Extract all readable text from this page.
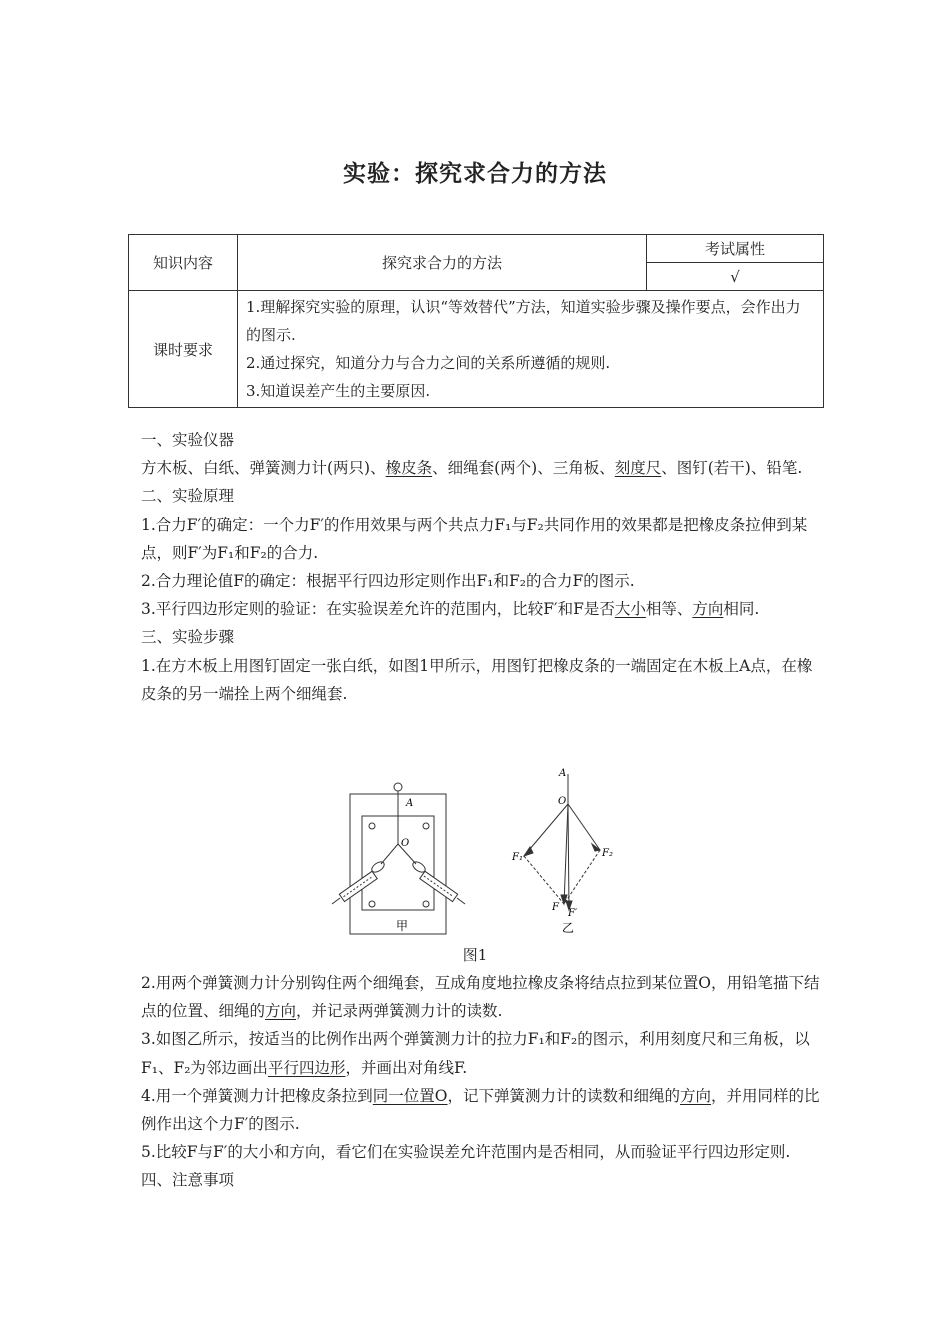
实验：探究求合力的方法
知识内容	探究求合力的方法	考试属性
		√
课时要求	1.理解探究实验的原理，认识“等效替代”方法，知道实验步骤及操作要点，会作出力的图示.
2.通过探究，知道分力与合力之间的关系所遵循的规则.
3.知道误差产生的主要原因.	

一、实验仪器

方木板、白纸、弹簧测力计(两只)、橡皮条、细绳套(两个)、三角板、刻度尺、图钉(若干)、铅笔.

二、实验原理

1.合力F′的确定：一个力F′的作用效果与两个共点力F₁与F₂共同作用的效果都是把橡皮条拉伸到某点，则F′为F₁和F₂的合力.

2.合力理论值F的确定：根据平行四边形定则作出F₁和F₂的合力F的图示.

3.平行四边形定则的验证：在实验误差允许的范围内，比较F′和F是否大小相等、方向相同.

三、实验步骤

1.在方木板上用图钉固定一张白纸，如图1甲所示，用图钉把橡皮条的一端固定在木板上A点，在橡皮条的另一端拴上两个细绳套.

A
O
甲
A
O
F₁	F₂
F
F′
乙
图1

2.用两个弹簧测力计分别钩住两个细绳套，互成角度地拉橡皮条将结点拉到某位置O，用铅笔描下结点的位置、细绳的方向，并记录两弹簧测力计的读数.

3.如图乙所示，按适当的比例作出两个弹簧测力计的拉力F₁和F₂的图示，利用刻度尺和三角板，以F₁、F₂为邻边画出平行四边形，并画出对角线F.

4.用一个弹簧测力计把橡皮条拉到同一位置O，记下弹簧测力计的读数和细绳的方向，并用同样的比例作出这个力F′的图示.

5.比较F与F′的大小和方向，看它们在实验误差允许范围内是否相同，从而验证平行四边形定则.

四、注意事项
